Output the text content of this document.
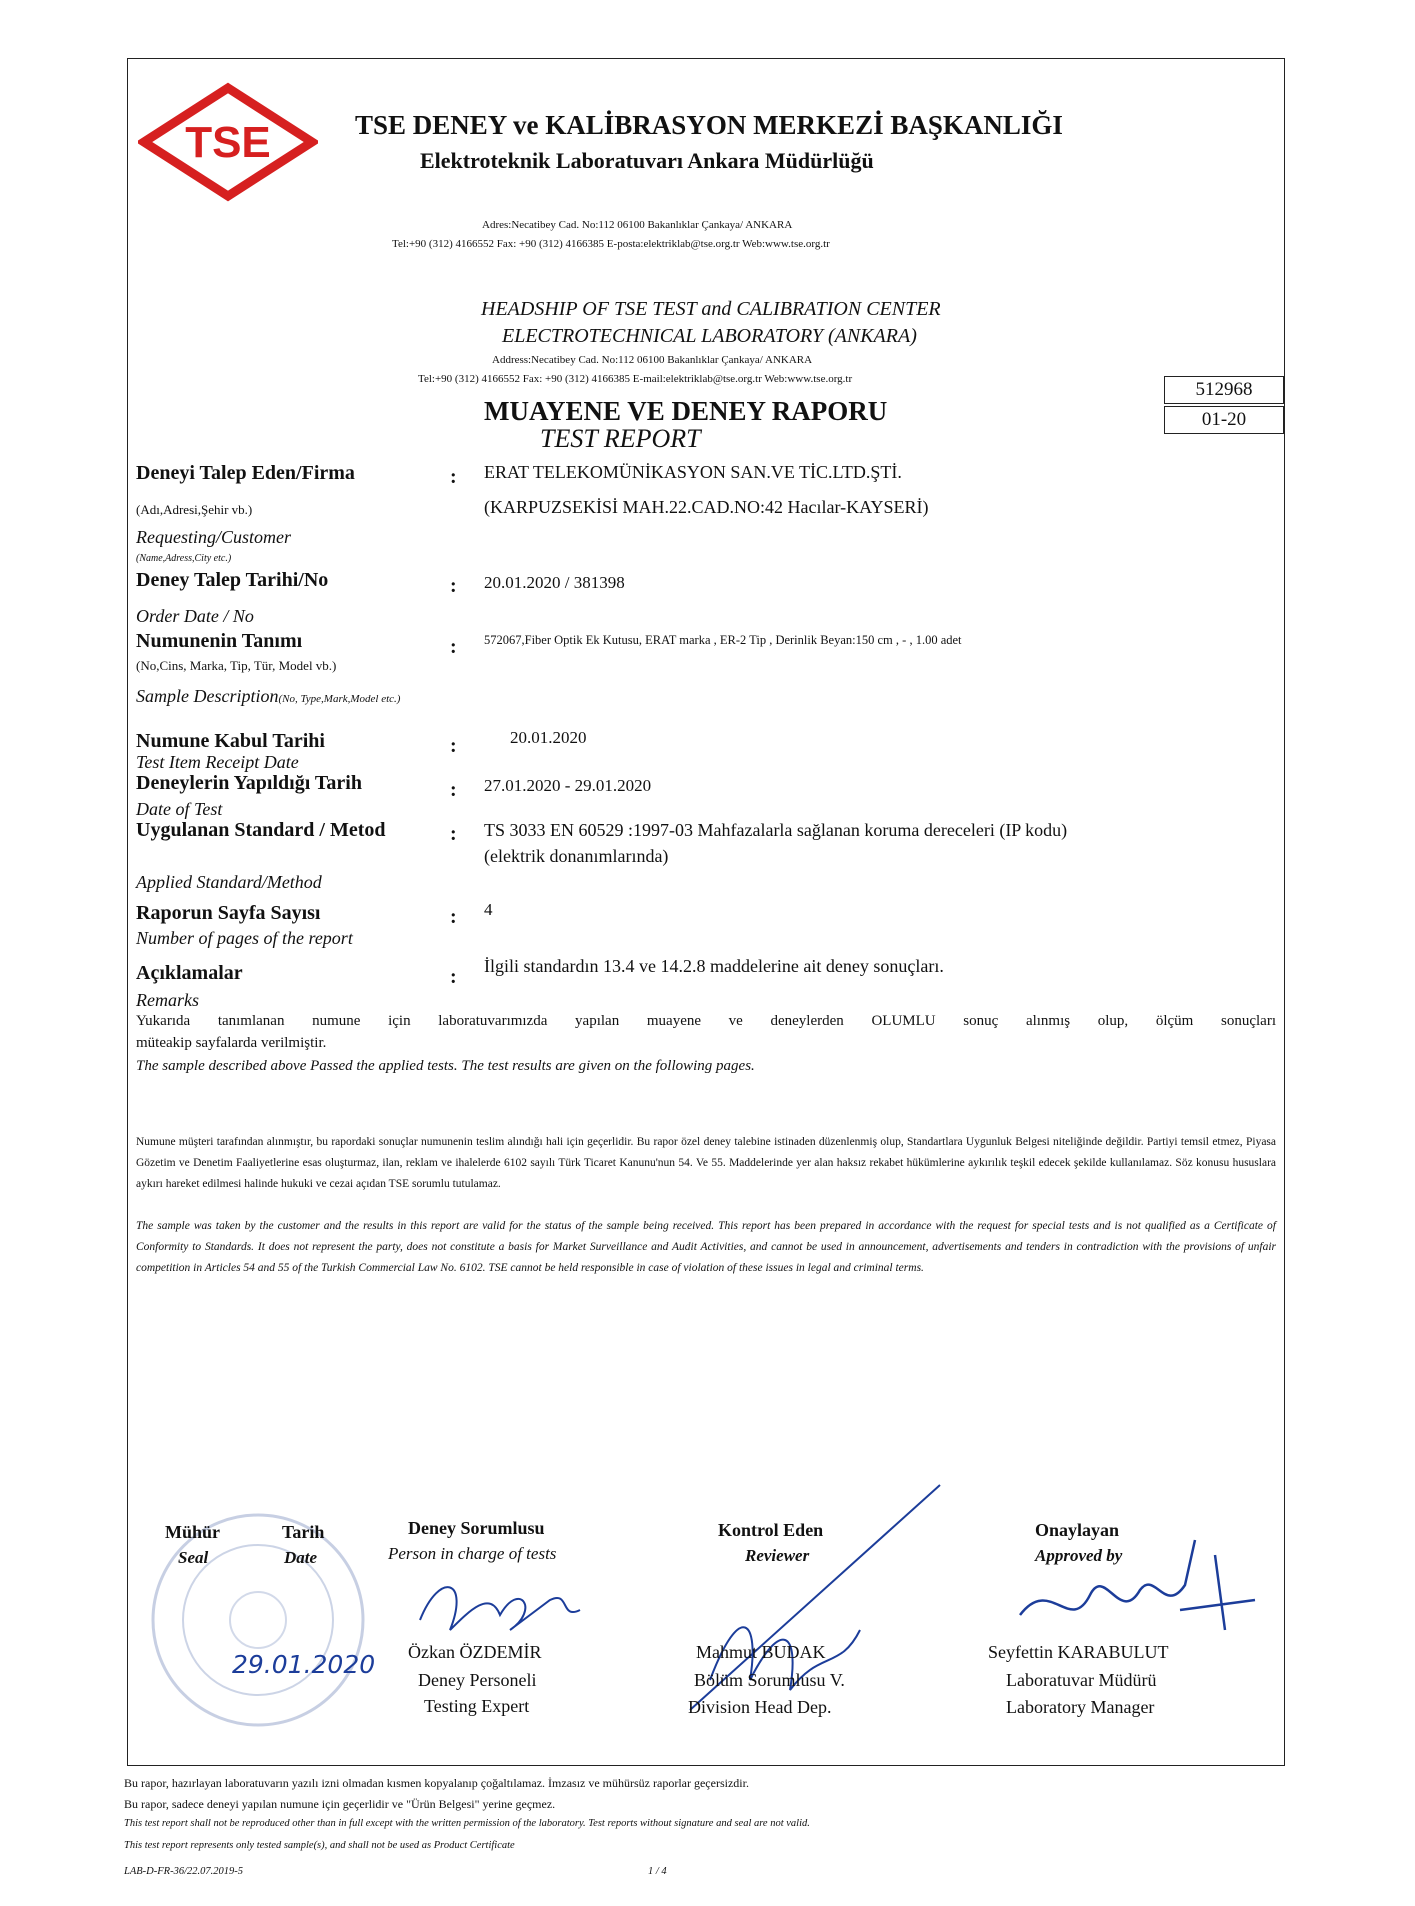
TSE	TSE DENEY ve KALİBRASYON MERKEZİ BAŞKANLIĞI
Elektroteknik Laboratuvarı Ankara Müdürlüğü
Adres:Necatibey Cad. No:112 06100 Bakanlıklar Çankaya/ ANKARA
Tel:+90 (312) 4166552 Fax: +90 (312) 4166385 E-posta:elektriklab@tse.org.tr Web:www.tse.org.tr
HEADSHIP OF TSE TEST and CALIBRATION CENTER
ELECTROTECHNICAL LABORATORY (ANKARA)
Address:Necatibey Cad. No:112 06100 Bakanlıklar Çankaya/ ANKARA
Tel:+90 (312) 4166552 Fax: +90 (312) 4166385 E-mail:elektriklab@tse.org.tr Web:www.tse.org.tr	512968
01-20
MUAYENE VE DENEY RAPORU
TEST REPORT
Deneyi Talep Eden/Firma	: ERAT TELEKOMÜNİKASYON SAN.VE TİC.LTD.ŞTİ.
(Adı,Adresi,Şehir vb.)	(KARPUZSEKİSİ MAH.22.CAD.NO:42 Hacılar-KAYSERİ)
Requesting/Customer
(Name,Adress,City etc.)
Deney Talep Tarihi/No	: 20.01.2020 / 381398
Order Date / No
Numunenin Tanımı	: 572067,Fiber Optik Ek Kutusu, ERAT marka , ER-2 Tip , Derinlik Beyan:150 cm , - , 1.00 adet
(No,Cins, Marka, Tip, Tür, Model vb.)
Sample Description(No, Type,Mark,Model etc.)
Numune Kabul Tarihi	:	20.01.2020
Test Item Receipt Date
Deneylerin Yapıldığı Tarih	: 27.01.2020 - 29.01.2020
Date of Test
Uygulanan Standard / Metod	: TS 3033 EN 60529 :1997-03 Mahfazalarla sağlanan koruma dereceleri (IP kodu)
(elektrik donanımlarında)
Applied Standard/Method
Raporun Sayfa Sayısı	: 4
Number of pages of the report
Açıklamalar	: İlgili standardın 13.4 ve 14.2.8 maddelerine ait deney sonuçları.
Remarks
Yukarıda tanımlanan numune için laboratuvarımızda yapılan muayene ve deneylerden OLUMLU sonuç alınmış olup, ölçüm sonuçları
müteakip sayfalarda verilmiştir.
The sample described above Passed the applied tests. The test results are given on the following pages.
Numune müşteri tarafından alınmıştır, bu rapordaki sonuçlar numunenin teslim alındığı hali için geçerlidir. Bu rapor özel deney talebine istinaden düzenlenmiş olup, Standartlara Uygunluk Belgesi niteliğinde değildir. Partiyi temsil etmez, Piyasa Gözetim ve Denetim Faaliyetlerine esas oluşturmaz, ilan, reklam ve ihalelerde 6102 sayılı Türk Ticaret Kanunu'nun 54. Ve 55. Maddelerinde yer alan haksız rekabet hükümlerine aykırılık teşkil edecek şekilde kullanılamaz. Söz konusu hususlara aykırı hareket edilmesi halinde hukuki ve cezai açıdan TSE sorumlu tutulamaz.
The sample was taken by the customer and the results in this report are valid for the status of the sample being received. This report has been prepared in accordance with the request for special tests and is not qualified as a Certificate of Conformity to Standards. It does not represent the party, does not constitute a basis for Market Surveillance and Audit Activities, and cannot be used in announcement, advertisements and tenders in contradiction with the provisions of unfair competition in Articles 54 and 55 of the Turkish Commercial Law No. 6102. TSE cannot be held responsible in case of violation of these issues in legal and criminal terms.
Mühür	Tarih
Seal	Date
29.01.2020
Deney Sorumlusu
Person in charge of tests
Özkan ÖZDEMİR
Deney Personeli
Testing Expert
Kontrol Eden
Reviewer
Mahmut BUDAK
Bölüm Sorumlusu V.
Division Head Dep.
Onaylayan
Approved by
Seyfettin KARABULUT
Laboratuvar Müdürü
Laboratory Manager
Bu rapor, hazırlayan laboratuvarın yazılı izni olmadan kısmen kopyalanıp çoğaltılamaz. İmzasız ve mühürsüz raporlar geçersizdir.
Bu rapor, sadece deneyi yapılan numune için geçerlidir ve "Ürün Belgesi" yerine geçmez.
This test report shall not be reproduced other than in full except with the written permission of the laboratory. Test reports without signature and seal are not valid.
This test report represents only tested sample(s), and shall not be used as Product Certificate
LAB-D-FR-36/22.07.2019-5	1 / 4
